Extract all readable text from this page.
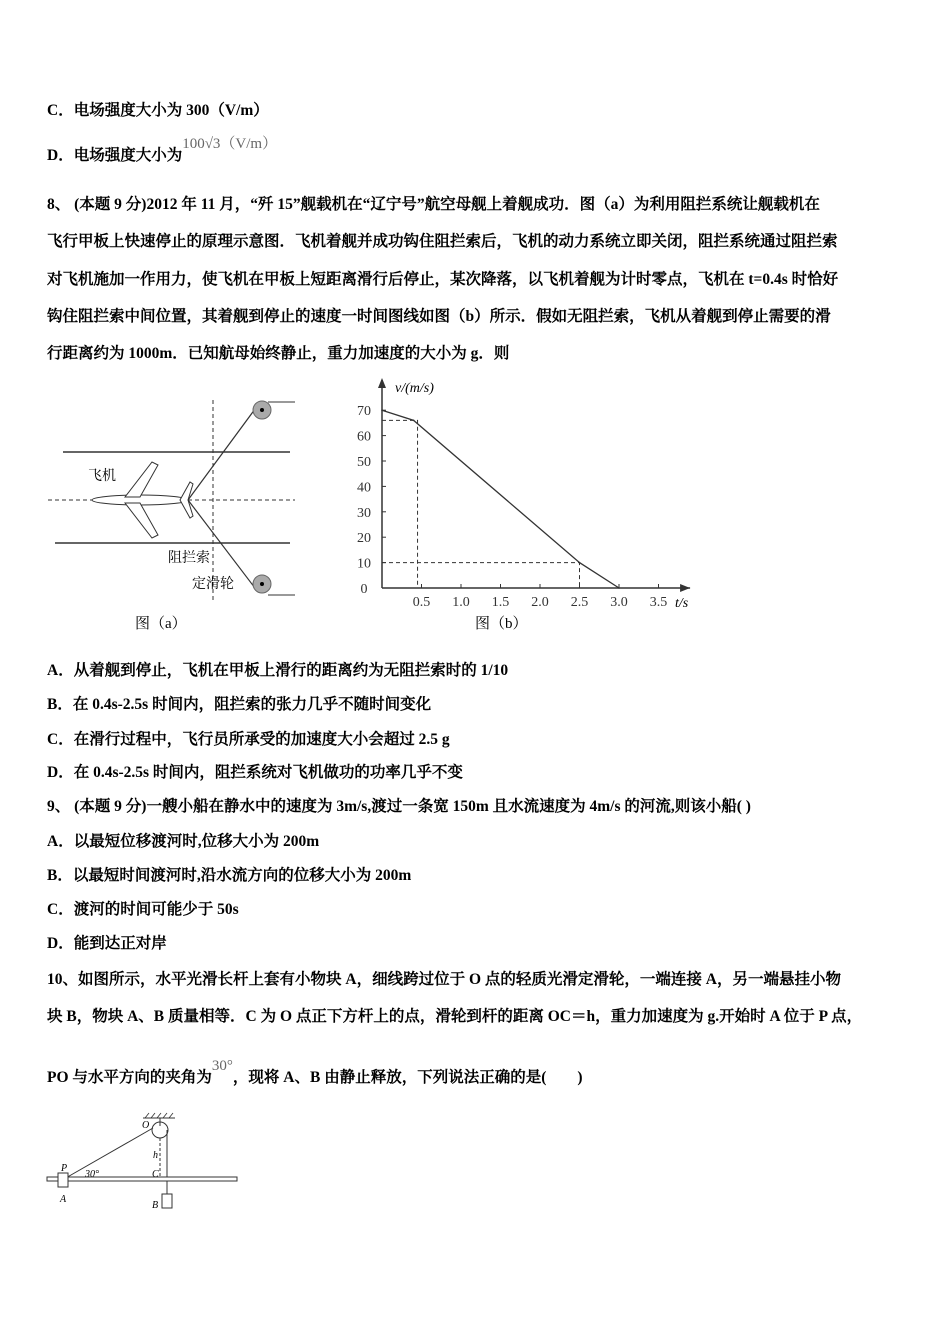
C．电场强度大小为 300（V/m）
D．电场强度大小为100√3（V/m）
8、 (本题 9 分)2012 年 11 月，“歼 15”舰载机在“辽宁号”航空母舰上着舰成功．图（a）为利用阻拦系统让舰载机在
飞行甲板上快速停止的原理示意图．飞机着舰并成功钩住阻拦索后，飞机的动力系统立即关闭，阻拦系统通过阻拦索
对飞机施加一作用力，使飞机在甲板上短距离滑行后停止，某次降落，以飞机着舰为计时零点，飞机在 t=0.4s 时恰好
钩住阻拦索中间位置，其着舰到停止的速度一时间图线如图（b）所示．假如无阻拦索，飞机从着舰到停止需要的滑
行距离约为 1000m．已知航母始终静止，重力加速度的大小为 g．则
飞机
阻拦索
定滑轮
图（a）
0
10
20
30
40
50
60
70
0.5 1.0 1.5 2.0 2.5 3.0 3.5
v/(m/s)
t/s
图（b）
A．从着舰到停止，飞机在甲板上滑行的距离约为无阻拦索时的 1/10
B．在 0.4s-2.5s 时间内，阻拦索的张力几乎不随时间变化
C．在滑行过程中，飞行员所承受的加速度大小会超过 2.5 g
D．在 0.4s-2.5s 时间内，阻拦系统对飞机做功的功率几乎不变
9、 (本题 9 分)一艘小船在静水中的速度为 3m/s,渡过一条宽 150m 且水流速度为 4m/s 的河流,则该小船( )
A．以最短位移渡河时,位移大小为 200m
B．以最短时间渡河时,沿水流方向的位移大小为 200m
C．渡河的时间可能少于 50s
D．能到达正对岸
10、如图所示，水平光滑长杆上套有小物块 A，细线跨过位于 O 点的轻质光滑定滑轮，一端连接 A，另一端悬挂小物
块 B，物块 A、B 质量相等．C 为 O 点正下方杆上的点，滑轮到杆的距离 OC＝h，重力加速度为 g.开始时 A 位于 P 点，
PO 与水平方向的夹角为30°，现将 A、B 由静止释放，下列说法正确的是(　　)
O
h
P
30°	C
A
B
